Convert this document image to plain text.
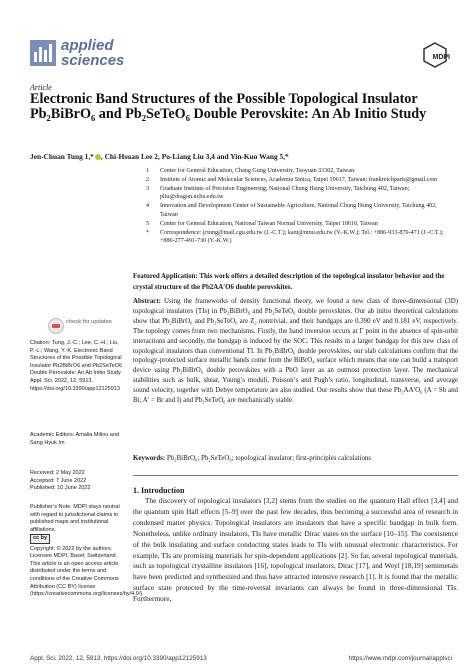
applied
sciences	MDPI
Article
Electronic Band Structures of the Possible Topological Insulator Pb₂BiBrO₆ and Pb₂SeTeO₆ Double Perovskite: An Ab Initio Study
Jen-Chuan Tung 1,* , Chi-Hsuan Lee 2, Po-Liang Liu 3,4 and Yin-Kuo Wang 5,*
1	Center for General Education, Chang Gung University, Taoyuan 33302, Taiwan
2	Institute of Atomic and Molecular Sciences, Academia Sinica, Taipei 10617, Taiwan; frankreichparis@gmail.com
3	Graduate Institute of Precision Engineering, National Chung Hsing University, Taichung 402, Taiwan; pliu@dragon.nchu.edu.tw
4	Innovation and Development Center of Sustainable Agriculture, National Chung Hsing University, Taichung 402, Taiwan
5	Center for General Education, National Taiwan Normal University, Taipei 10610, Taiwan
*	Correspondence: jctung@mail.cgu.edu.tw (J.-C.T.); kant@ntnu.edu.tw (Y.-K.W.); Tel.: +886-933-879-471 (J.-C.T.); +886-277-491-730 (Y.-K.W.)
Featured Application: This work offers a detailed description of the topological insulator behavior and the crystal structure of the Pb2AA′O6 double perovskites.
Abstract: Using the frameworks of density functional theory, we found a new class of three-dimensional (3D) topological insulators (TIs) in Pb₂BiBrO₆ and Pb₂SeTeO₆ double perovskites. Our ab initio theoretical calculations show that Pb₂BiBrO₆ and Pb₂SeTeO₆ are Z₂ nontrivial, and their bandgaps are 0.390 eV and 0.181 eV, respectively. The topology comes from two mechanisms. Firstly, the band inversion occurs at Γ point in the absence of spin-orbit interactions and secondly, the bandgap is induced by the SOC. This results in a larger bandgap for this new class of topological insulators than conventional TI. In Pb₂BiBrO₆ double perovskites, our slab calculations confirm that the topology-protected surface metallic bands come from the BiBrO₄ surface which means that one can build a transport device using Pb₂BiBrO₆ double perovskites with a PbO layer as an outmost protection layer. The mechanical stabilities such as bulk, shear, Young’s moduli, Poisson’s and Pugh’s ratio, longitudinal, transverse, and average sound velocity, together with Debye temperature are also studied. Our results show that these Pb₂AA′O₆ (A = Sb and Bi; A′ = Br and I) and Pb₂SeTeO₆ are mechanically stable.
Keywords: Pb₂BiBrO₆; Pb₂SeTeO₆; topological insulator; first-principles calculations
1. Introduction
The discovery of topological insulators [3,2] stems from the studies on the quantum Hall effect [3,4] and the quantum spin Hall effects [5–9] over the past few decades, thus becoming a successful area of research in condensed matter physics. Topological insulators are insulators that have a specific bandgap in bulk form. Nonetheless, unlike ordinary insulators, TIs have metallic Dirac states on the surface [10–15]. The coexistence of the bulk insulating and surface conducting states leads to TIs with unusual electronic characteristics. For example, TIs are promising materials for spin-dependent applications [2]. So far, several topological materials, such as topological crystalline insulators [16], topological insulators, Dirac [17], and Weyl [18,19] semimetals have been predicted and synthesized and thus have attracted intensive research [1]. It is found that the metallic surface state protected by the time-reversal invariants can always be found in three-dimensional TIs. Furthermore,
check for updates
Citation: Tung, J.-C.; Lee, C.-H.; Liu, P.-L.; Wang, Y.-K. Electronic Band Structures of the Possible Topological Insulator Pb2BiBrO6 and Pb2SeTeO6 Double Perovskite: An Ab Initio Study. Appl. Sci. 2022, 12, 5913. https://doi.org/10.3390/app12125913
Academic Editors: Amalia Miliou and Sang Hyuk Im
Received: 2 May 2022
Accepted: 7 June 2022
Published: 10 June 2022
Publisher’s Note: MDPI stays neutral with regard to jurisdictional claims in published maps and institutional affiliations.
cc by
Copyright: © 2022 by the authors. Licensee MDPI, Basel, Switzerland. This article is an open access article distributed under the terms and conditions of the Creative Commons Attribution (CC BY) license (https://creativecommons.org/licenses/by/4.0/).
Appl. Sci. 2022, 12, 5913. https://doi.org/10.3390/app12125913	https://www.mdpi.com/journal/applsci
